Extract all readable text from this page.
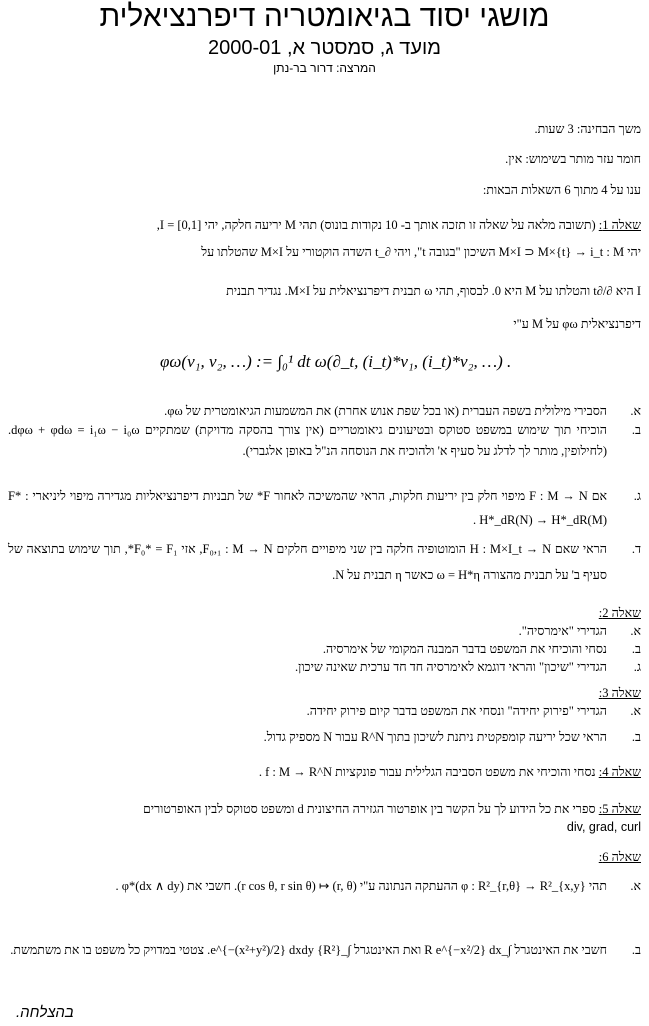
מושגי יסוד בגיאומטריה דיפרנציאלית
מועד ג, סמסטר א, 2000-01
המרצה: דרור בר-נתן
משך הבחינה: 3 שעות.
חומר עזר מותר בשימוש: אין.
ענו על 4 מתוך 6 השאלות הבאות:
שאלה 1: (תשובה מלאה על שאלה זו תזכה אותך ב- 10 נקודות בונוס) תהי M יריעה חלקה, יהי I = [0,1],
יהי M×I ⊃ M×{t} → i_t : M השיכון "בגובה t", ויהי ∂_t השדה הוקטורי על M×I שהטלתו על
I היא ∂/∂t והטלתו על M היא 0. לבסוף, תהי ω תבנית דיפרנציאלית על M×I. נגדיר תבנית
דיפרנציאלית φω על M ע"י
φω(v₁, v₂, …) := ∫₀¹ dt ω(∂_t, (i_t)*v₁, (i_t)*v₂, …) .
א.
הסבירי מילולית בשפה העברית (או בכל שפת אנוש אחרת) את המשמעות הגיאומטרית של φω.
ב.
הוכיחי תוך שימוש במשפט סטוקס ובטיעונים גיאומטריים (אין צורך בהסקה מדויקת) שמתקיים dφω + φdω = i₁ω − i₀ω. (לחילופין, מותר לך לדלג על סעיף א' ולהוכיח את הנוסחה הנ"ל באופן אלגברי).
ג.
אם F : M → N מיפוי חלק בין יריעות חלקות, הראי שהמשיכה לאחור F* של תבניות דיפרנציאליות מגדירה מיפוי ליניארי F* : H*_dR(N) → H*_dR(M) .
ד.
הראי שאם H : M×I_t → N הומוטופיה חלקה בין שני מיפויים חלקים F₀,₁ : M → N, אזי F₀* = F₁*, תוך שימוש בתוצאה של סעיף ב' על תבנית מהצורה ω = H*η כאשר η תבנית על N.
שאלה 2:
א.
הגדירי "אימרסיה".
ב.
נסחי והוכיחי את המשפט בדבר המבנה המקומי של אימרסיה.
ג.
הגדירי "שיכון" והראי דוגמא לאימרסיה חד חד ערכית שאינה שיכון.
שאלה 3:
א.
הגדירי "פירוק יחידה" ונסחי את המשפט בדבר קיום פירוק יחידה.
ב.
הראי שכל יריעה קומפקטית ניתנת לשיכון בתוך R^N עבור N מספיק גדול.
שאלה 4: נסחי והוכיחי את משפט הסביבה הגלילית עבור פונקציות f : M → R^N .
שאלה 5: ספרי את כל הידוע לך על הקשר בין אופרטור הגזירה החיצונית d ומשפט סטוקס לבין האופרטורים
div, grad, curl
שאלה 6:
א.
תהי φ : R²_{r,θ} → R²_{x,y} ההעתקה הנתונה ע"י (r, θ) ↦ (r cos θ, r sin θ). חשבי את φ*(dx ∧ dy) .
ב.
חשבי את האינטגרל ∫_R e^{−x²/2} dx ואת האינטגרל ∫_{R²} e^{−(x²+y²)/2} dxdy. צטטי במדויק כל משפט בו את משתמשת.
בהצלחה.
